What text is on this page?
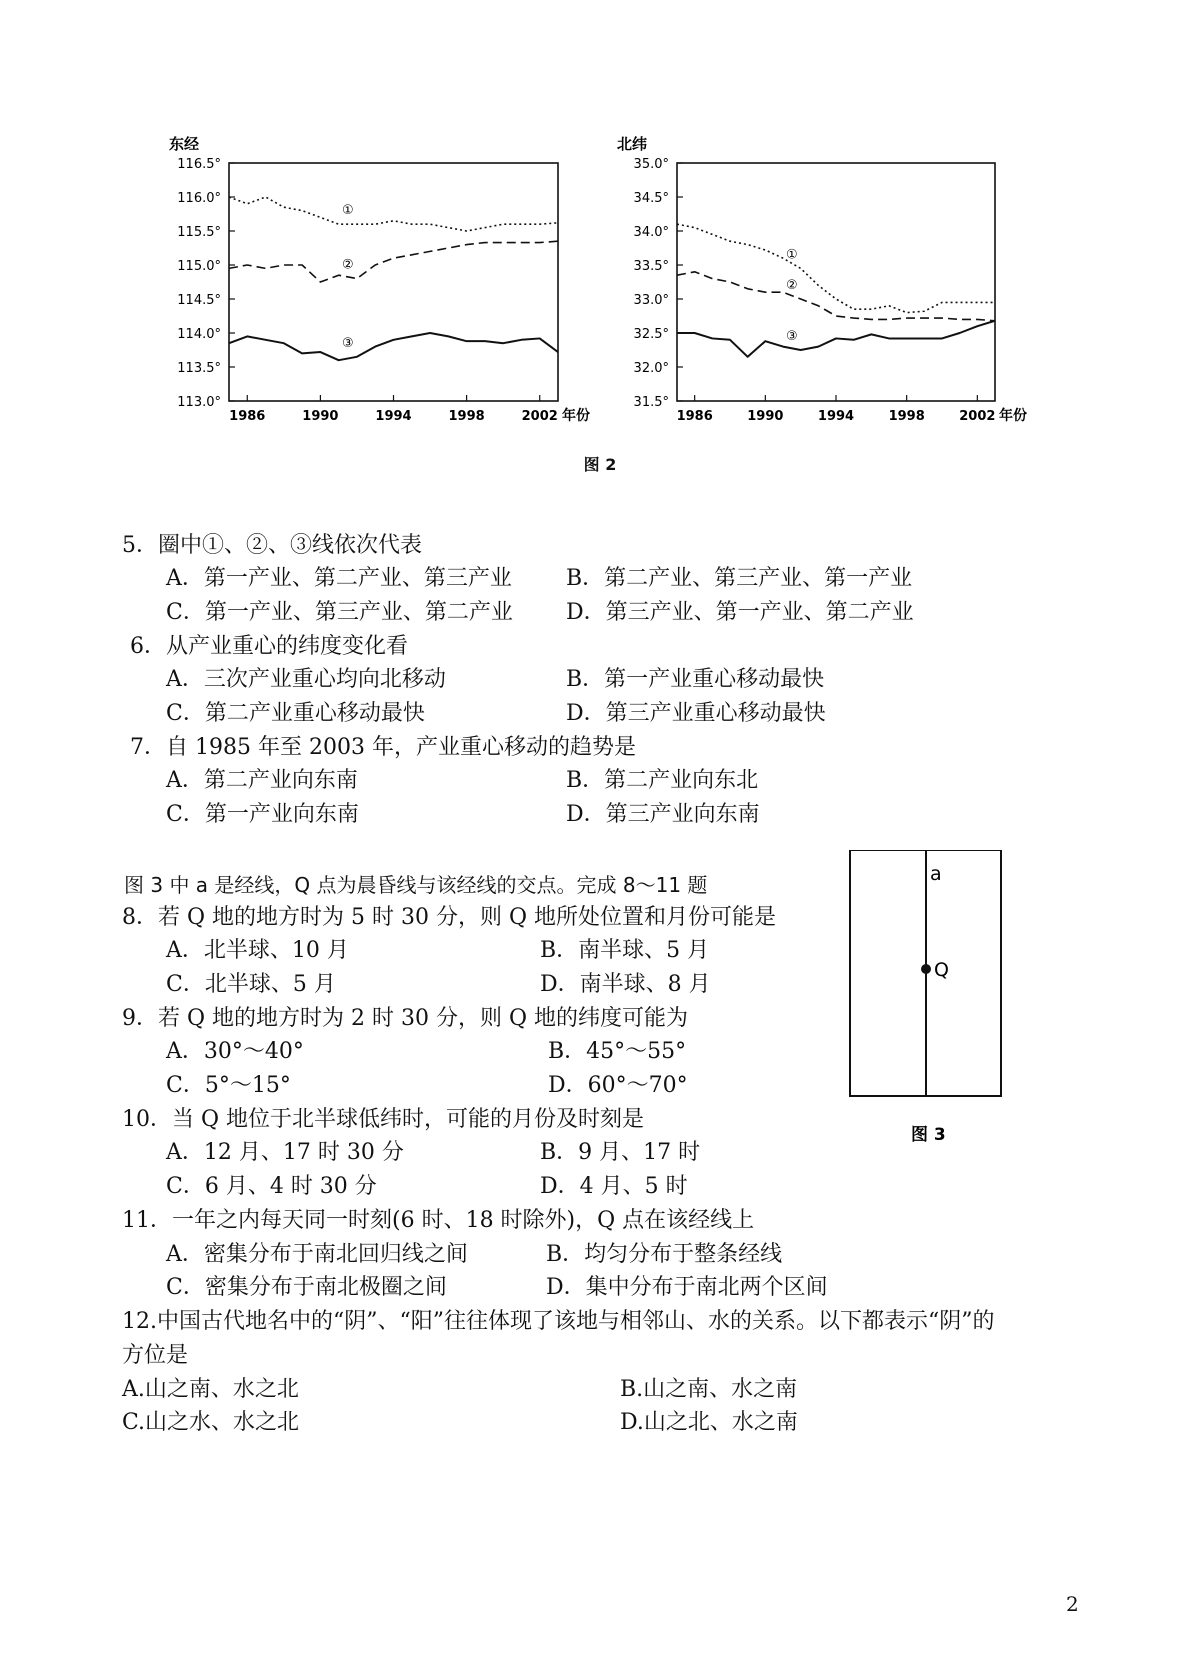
东经
116.5°
116.0°
115.5°
115.0°
114.5°
114.0°
113.5°
113.0°
1986	1990	1994	1998	2002 年份
①
②
③
北纬
35.0°
34.5°
34.0°
33.5°
33.0°
32.5°
32.0°
31.5°
1986	1990	1994	1998	2002 年份
①
②
③
图 2
5．圈中①、②、③线依次代表
A．第一产业、第二产业、第三产业 B．第二产业、第三产业、第一产业
C．第一产业、第三产业、第二产业 D．第三产业、第一产业、第二产业
6．从产业重心的纬度变化看
A．三次产业重心均向北移动	B．第一产业重心移动最快
C．第二产业重心移动最快	D．第三产业重心移动最快
7．自 1985 年至 2003 年，产业重心移动的趋势是
A．第二产业向东南	B．第二产业向东北
C．第一产业向东南	D．第三产业向东南
图 3 中 a 是经线，Q 点为晨昏线与该经线的交点。完成 8～11 题
8．若 Q 地的地方时为 5 时 30 分，则 Q 地所处位置和月份可能是
A．北半球、10 月	B．南半球、5 月
C．北半球、5 月	D．南半球、8 月
9．若 Q 地的地方时为 2 时 30 分，则 Q 地的纬度可能为
A．30°～40°	B．45°～55°
C．5°～15°	D．60°～70°
10．当 Q 地位于北半球低纬时，可能的月份及时刻是
A．12 月、17 时 30 分	B．9 月、17 时
C．6 月、4 时 30 分	D．4 月、5 时
11．一年之内每天同一时刻(6 时、18 时除外)，Q 点在该经线上
A．密集分布于南北回归线之间	B．均匀分布于整条经线
C．密集分布于南北极圈之间	D．集中分布于南北两个区间
12.中国古代地名中的“阴”、“阳”往往体现了该地与相邻山、水的关系。以下都表示“阴”的
方位是
A.山之南、水之北	B.山之南、水之南
C.山之水、水之北	D.山之北、水之南
a
Q
图 3
2
